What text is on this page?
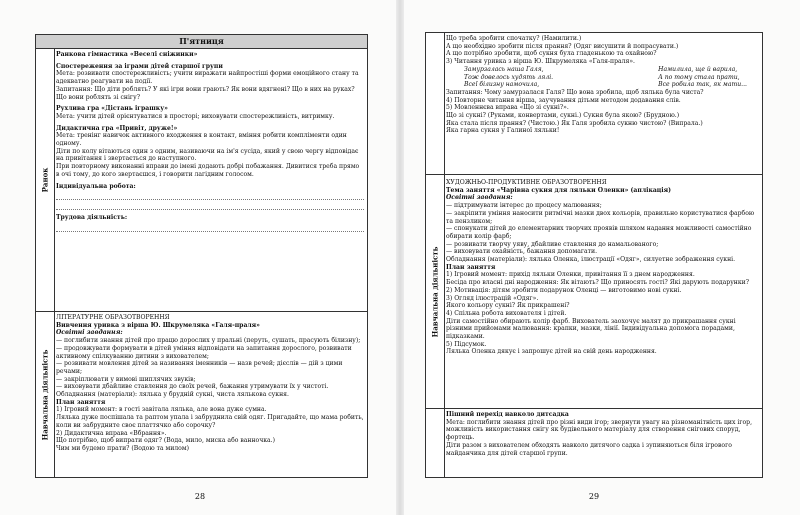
П'ятниця
Ранок

Ранкова гімнастика «Веселі сніжинки»

Спостереження за іграми дітей старшої групи

Мета: розвивати спостережливість; учити виражати найпростіші форми емоційного стану та адекватно реагувати на події.

Запитання: Що діти роблять? У які ігри вони грають? Як вони вдягнені? Що в них на руках? Що вони роблять зі снігу?

Рухлива гра «Дістань іграшку»

Мета: учити дітей орієнтуватися в просторі; виховувати спостережливість, витримку.

Дидактична гра «Привіт, друже!»

Мета: тренінг навичок активного входження в контакт, вміння робити компліменти один одному.

Діти по колу вітаються один з одним, називаючи на ім'я сусіда, який у свою чергу відповідає на привітання і звертається до наступного.

При повторному виконанні вправи до імені додають добрі побажання. Дивитися треба прямо в очі тому, до кого звертаєшся, і говорити лагідним голосом.

Індивідуальна робота:

Трудова діяльність:

Навчальна діяльність

ЛІТЕРАТУРНЕ ОБРАЗОТВОРЕННЯ

Вивчення уривка з вірша Ю. Шкрумеляка «Галя-праля»

Освітні завдання:

— поглибити знання дітей про працю дорослих у пральні (перуть, сушать, прасують білизну);

— продовжувати формувати в дітей уміння відповідати на запитання дорослого, розвивати активному спілкуванню дитини з вихователем;

— розвивати мовлення дітей за називання іменників — назв речей; дієслів — дій з цими речами;

— закріплювати у вимові шиплячих звуків;

— виховувати дбайливе ставлення до своїх речей, бажання утримувати їх у чистоті.

Обладнання (матеріали): лялька у брудній сукні, чиста лялькова сукня.

План заняття

1) Ігровий момент: в гості завітала лялька, але вона дуже сумна.

Лялька дуже поспішала та раптом упала і забруднила свій одяг. Пригадайте, що мама робить, коли ви забрудните своє платтячко або сорочку?

2) Дидактична вправа «Вбрання».

Що потрібно, щоб випрати одяг? (Вода, мило, миска або ванночка.)

Чим ми будемо прати? (Водою та милом)

28

Що треба зробити спочатку? (Намилити.)

А що необхідно зробити після прання? (Одяг висушити й попрасувати.)

А що потрібно зробити, щоб сукня була гладенькою та охайною?

3) Читання уривка з вірша Ю. Шкрумеляка «Галя-праля».

Замурзалась наша Галя,

Тож довелось худять лялі.

Всеї білизну намочила,

Намилила, ще й варила,

А по тому стала прати,

Все робила так, як мати...

Запитання: Чому замурзалася Галя? Що вона зробила, щоб лялька була чиста?

4) Повторне читання вірша, заучування дітьми методом додавання слів.

5) Мовленнєва вправа «Що зі сукні?».

Що зі сукні? (Руками, конвертами, сукні.) Сукня була якою? (Брудною.)

Яка стала після прання? (Чистою.) Як Галя зробила сукню чистою? (Випрала.)

Яка гарна сукня у Галиної ляльки!

Навчальна діяльність

ХУДОЖНЬО-ПРОДУКТИВНЕ ОБРАЗОТВОРЕННЯ

Тема заняття «Чарівна сукня для ляльки Оленки» (аплікація)

Освітні завдання:

— підтримувати інтерес до процесу малювання;

— закріпити уміння наносити ритмічні мазки двох кольорів, правильно користуватися фарбою та пензликом;

— спонукати дітей до елементарних творчих проявів шляхом надання можливості самостійно обирати колір фарб;

— розвивати творчу уяву, дбайливе ставлення до намальованого;

— виховувати охайність, бажання допомагати.

Обладнання (матеріали): лялька Оленка, ілюстрації «Одяг», силуетне зображення сукні.

План заняття

1) Ігровий момент: прихід ляльки Оленки, привітання її з днем народження.

Бесіда про власні дні народження: Як вітають? Що приносять гості? Які дарують подарунки?

2) Мотивація: дітям зробити подарунок Оленці — виготовимо нові сукні.

3) Огляд ілюстрацій «Одяг».

Якого кольору сукні? Як прикрашені?

4) Спільна робота вихователя і дітей.

Діти самостійно обирають колір фарб. Вихователь заохочує малят до прикрашання сукні різними прийомами малювання: крапки, мазки, лінії. Індивідуальна допомога порадами, підказками.

5) Підсумок.

Лялька Оленка дякує і запрошує дітей на свій день народження.

Пішний перехід навколо дитсадка

Мета: поглибити знання дітей про різні види ігор; звернути увагу на різноманітність цих ігор, можливість використання снігу як будівельного матеріалу для створення снігових споруд, фортець.

Діти разом з вихователем обходять навколо дитячого садка і зупиняються біля ігрового майданчика для дітей старшої групи.

29
